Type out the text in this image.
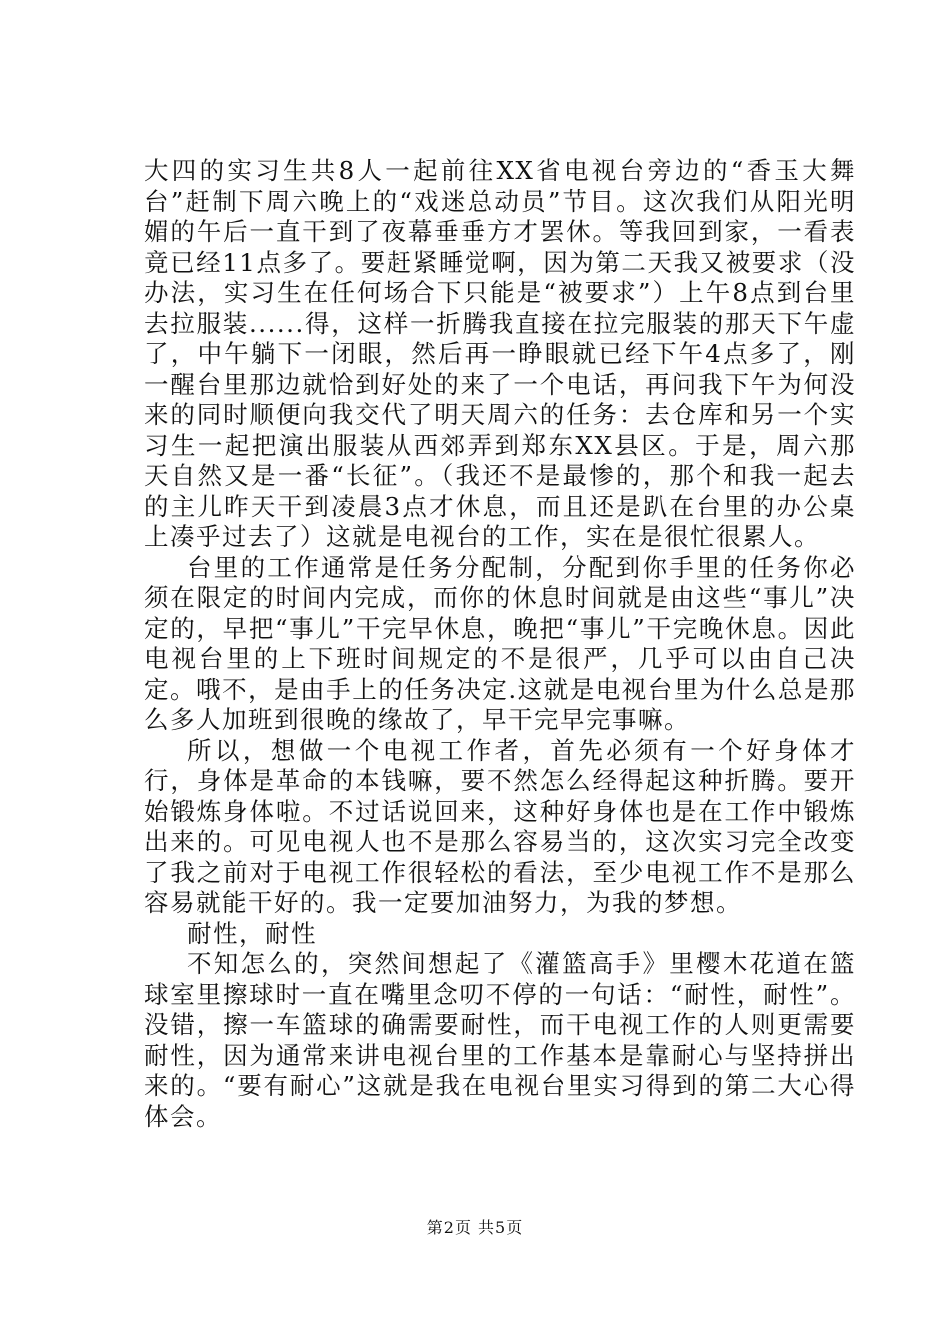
大四的实习生共8人一起前往XX省电视台旁边的“香玉大舞台”赶制下周六晚上的“戏迷总动员”节目。这次我们从阳光明媚的午后一直干到了夜幕垂垂方才罢休。等我回到家，一看表竟已经11点多了。要赶紧睡觉啊，因为第二天我又被要求（没办法，实习生在任何场合下只能是“被要求”）上午8点到台里去拉服装......得，这样一折腾我直接在拉完服装的那天下午虚了，中午躺下一闭眼，然后再一睁眼就已经下午4点多了，刚一醒台里那边就恰到好处的来了一个电话，再问我下午为何没来的同时顺便向我交代了明天周六的任务：去仓库和另一个实习生一起把演出服装从西郊弄到郑东XX县区。于是，周六那天自然又是一番“长征”。（我还不是最惨的，那个和我一起去的主儿昨天干到凌晨3点才休息，而且还是趴在台里的办公桌上凑乎过去了）这就是电视台的工作，实在是很忙很累人。

台里的工作通常是任务分配制，分配到你手里的任务你必须在限定的时间内完成，而你的休息时间就是由这些“事儿”决定的，早把“事儿”干完早休息，晚把“事儿”干完晚休息。因此电视台里的上下班时间规定的不是很严，几乎可以由自己决定。哦不，是由手上的任务决定.这就是电视台里为什么总是那么多人加班到很晚的缘故了，早干完早完事嘛。

所以，想做一个电视工作者，首先必须有一个好身体才行，身体是革命的本钱嘛，要不然怎么经得起这种折腾。要开始锻炼身体啦。不过话说回来，这种好身体也是在工作中锻炼出来的。可见电视人也不是那么容易当的，这次实习完全改变了我之前对于电视工作很轻松的看法，至少电视工作不是那么容易就能干好的。我一定要加油努力，为我的梦想。

耐性，耐性

不知怎么的，突然间想起了《灌篮高手》里樱木花道在篮球室里擦球时一直在嘴里念叨不停的一句话：“耐性，耐性”。没错，擦一车篮球的确需要耐性，而干电视工作的人则更需要耐性，因为通常来讲电视台里的工作基本是靠耐心与坚持拼出来的。“要有耐心”这就是我在电视台里实习得到的第二大心得体会。

第2页 共5页
